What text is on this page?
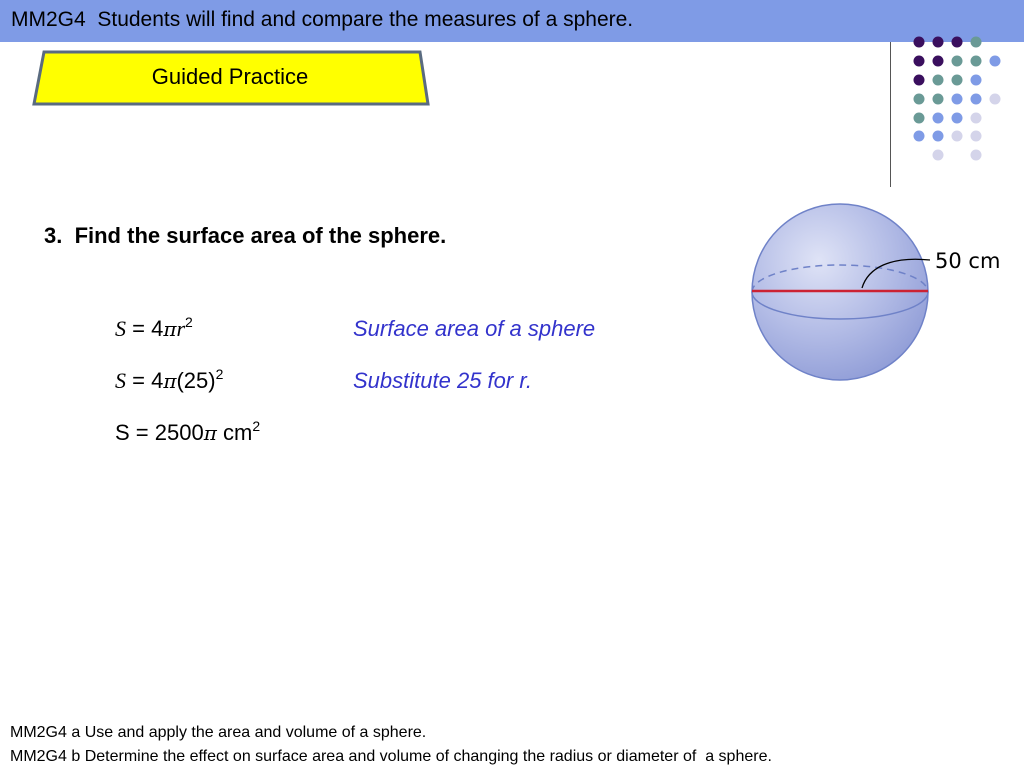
MM2G4  Students will find and compare the measures of a sphere.
Guided Practice
3.  Find the surface area of the sphere.
$S = 4\pi r^2$	Surface area of a sphere
$S = 4\pi(25)^2$	Substitute 25 for r.
S = 2500π $cm^2$
50 cm
MM2G4 a Use and apply the area and volume of a sphere.
MM2G4 b Determine the effect on surface area and volume of changing the radius or diameter of  a sphere.
